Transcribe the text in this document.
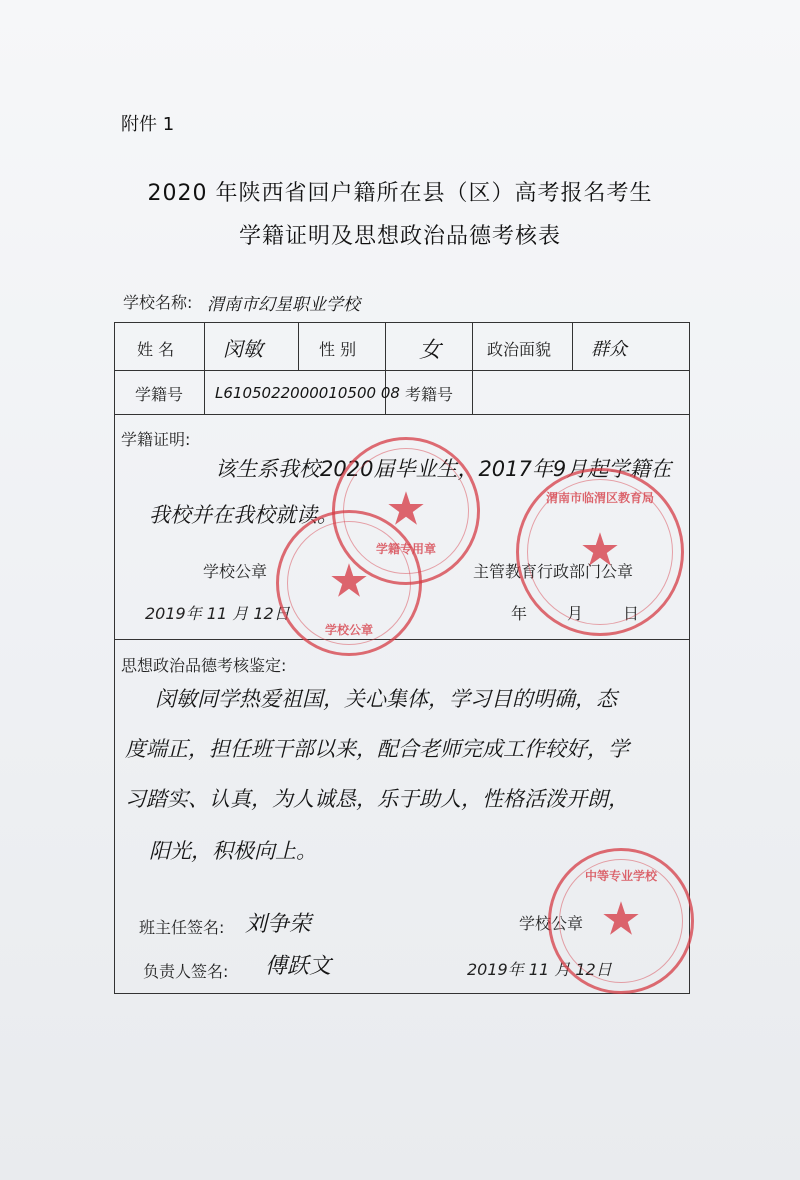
附件 1
2020 年陕西省回户籍所在县（区）高考报名考生
学籍证明及思想政治品德考核表
学校名称: 渭南市幻星职业学校
姓 名 闵敏	性 别	女	政治面貌 群众
学籍号 L6105022000010500 08 考籍号
学籍证明:
该生系我校2020届毕业生，2017年9月起学籍在
我校并在我校就读。
学校公章	主管教育行政部门公章
2019年 11 月 12日	年 月 日
思想政治品德考核鉴定:
闵敏同学热爱祖国，关心集体，学习目的明确，态
度端正，担任班干部以来，配合老师完成工作较好，学
习踏实、认真，为人诚恳，乐于助人，性格活泼开朗，
阳光，积极向上。
班主任签名: 刘争荣	学校公章
负责人签名: 傅跃文	2019年 11 月 12日
★
学籍专用章	★
渭南市临渭区教育局
★
学校公章
★
中等专业学校
